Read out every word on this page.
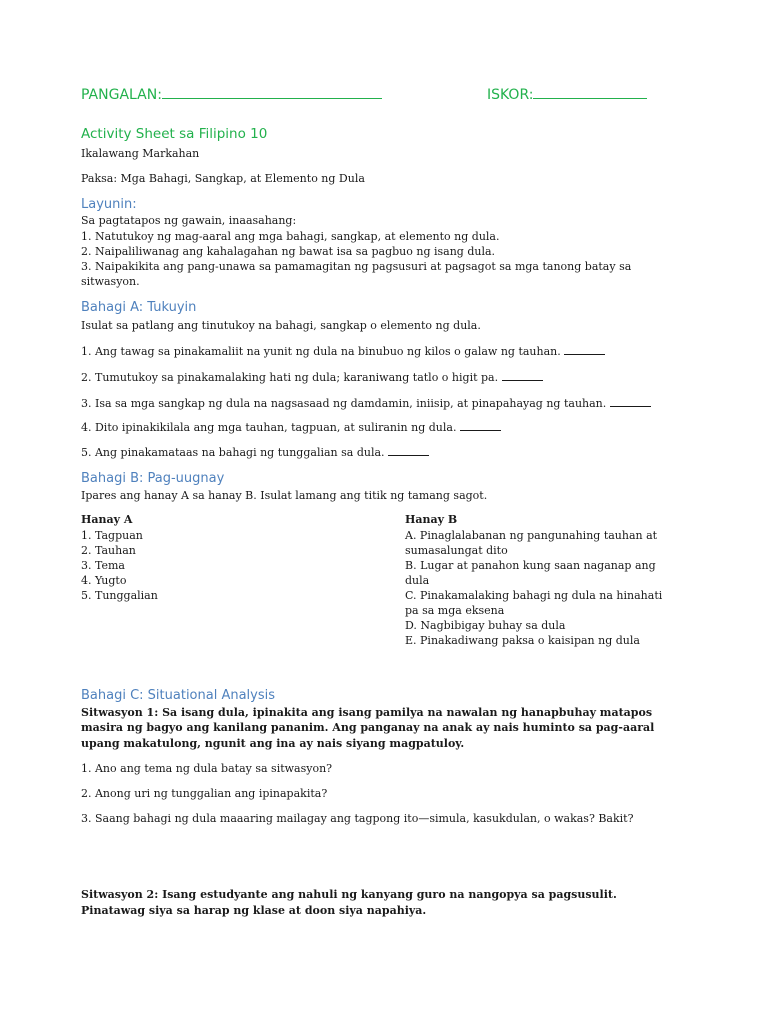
PANGALAN:	ISKOR:
Activity Sheet sa Filipino 10
Ikalawang Markahan
Paksa: Mga Bahagi, Sangkap, at Elemento ng Dula
Layunin:
Sa pagtatapos ng gawain, inaasahang:
1. Natutukoy ng mag-aaral ang mga bahagi, sangkap, at elemento ng dula.
2. Naipaliliwanag ang kahalagahan ng bawat isa sa pagbuo ng isang dula.
3. Naipakikita ang pang-unawa sa pamamagitan ng pagsusuri at pagsagot sa mga tanong batay sa
sitwasyon.
Bahagi A: Tukuyin
Isulat sa patlang ang tinutukoy na bahagi, sangkap o elemento ng dula.
1. Ang tawag sa pinakamaliit na yunit ng dula na binubuo ng kilos o galaw ng tauhan.
2. Tumutukoy sa pinakamalaking hati ng dula; karaniwang tatlo o higit pa.
3. Isa sa mga sangkap ng dula na nagsasaad ng damdamin, iniisip, at pinapahayag ng tauhan.
4. Dito ipinakikilala ang mga tauhan, tagpuan, at suliranin ng dula.
5. Ang pinakamataas na bahagi ng tunggalian sa dula.
Bahagi B: Pag-uugnay
Ipares ang hanay A sa hanay B. Isulat lamang ang titik ng tamang sagot.
Hanay A
1. Tagpuan
2. Tauhan
3. Tema
4. Yugto
5. Tunggalian
Hanay B
A. Pinaglalabanan ng pangunahing tauhan at
sumasalungat dito
B. Lugar at panahon kung saan naganap ang
dula
C. Pinakamalaking bahagi ng dula na hinahati
pa sa mga eksena
D. Nagbibigay buhay sa dula
E. Pinakadiwang paksa o kaisipan ng dula
Bahagi C: Situational Analysis
Sitwasyon 1: Sa isang dula, ipinakita ang isang pamilya na nawalan ng hanapbuhay matapos
masira ng bagyo ang kanilang pananim. Ang panganay na anak ay nais huminto sa pag-aaral
upang makatulong, ngunit ang ina ay nais siyang magpatuloy.
1. Ano ang tema ng dula batay sa sitwasyon?
2. Anong uri ng tunggalian ang ipinapakita?
3. Saang bahagi ng dula maaaring mailagay ang tagpong ito—simula, kasukdulan, o wakas? Bakit?
Sitwasyon 2: Isang estudyante ang nahuli ng kanyang guro na nangopya sa pagsusulit.
Pinatawag siya sa harap ng klase at doon siya napahiya.
